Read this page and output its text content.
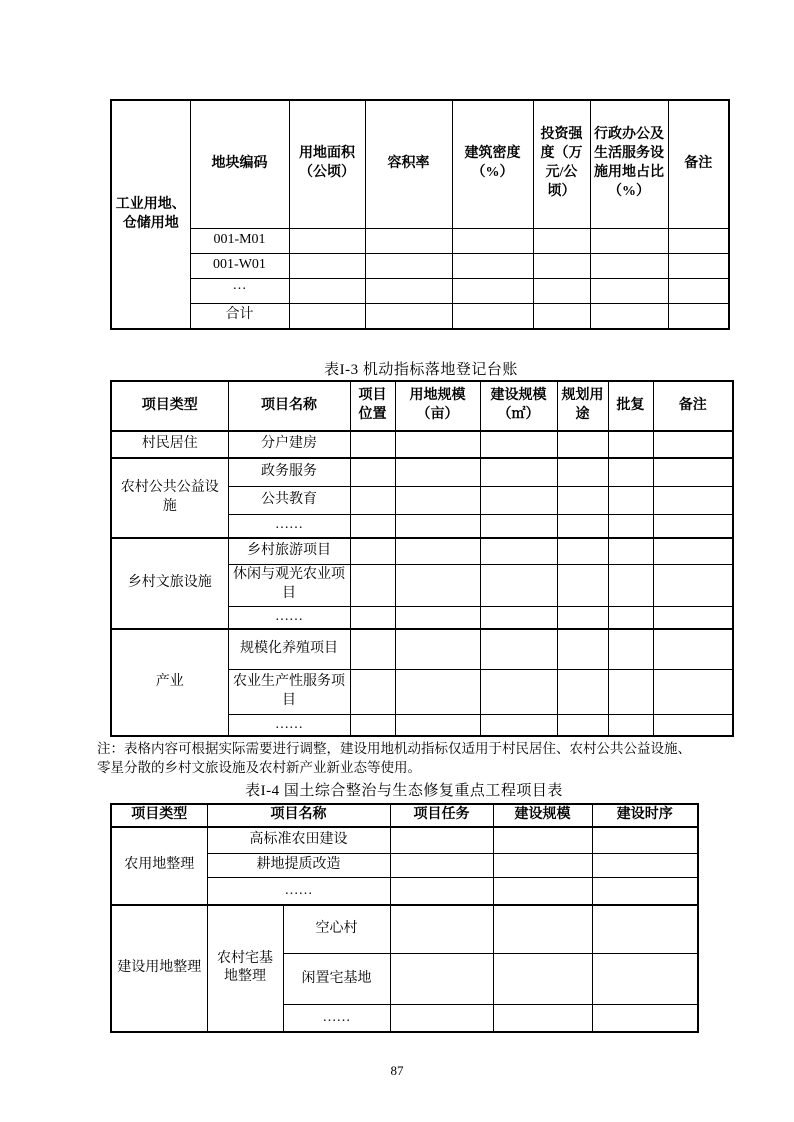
工业用地、仓储用地	地块编码	用地面积（公顷）	容积率	建筑密度（%）	投资强度（万元/公顷）	行政办公及生活服务设施用地占比（%）	备注
	001-M01						
	001-W01						
	···						
	合计						
表I-3 机动指标落地登记台账
项目类型	项目名称	项目位置	用地规模（亩）	建设规模（㎡）	规划用途	批复	备注
村民居住	分户建房						
农村公共公益设施	政务服务						
	公共教育						
	……						
乡村文旅设施	乡村旅游项目						
	休闲与观光农业项目						
	……						
产业	规模化养殖项目						
	农业生产性服务项目						
	……						
注：表格内容可根据实际需要进行调整，建设用地机动指标仅适用于村民居住、农村公共公益设施、
零星分散的乡村文旅设施及农村新产业新业态等使用。
表I-4 国土综合整治与生态修复重点工程项目表
项目类型	项目名称		项目任务	建设规模	建设时序
农用地整理	高标准农田建设				
	耕地提质改造				
	……				
建设用地整理	农村宅基地整理	空心村			
		闲置宅基地			
		……			
87
